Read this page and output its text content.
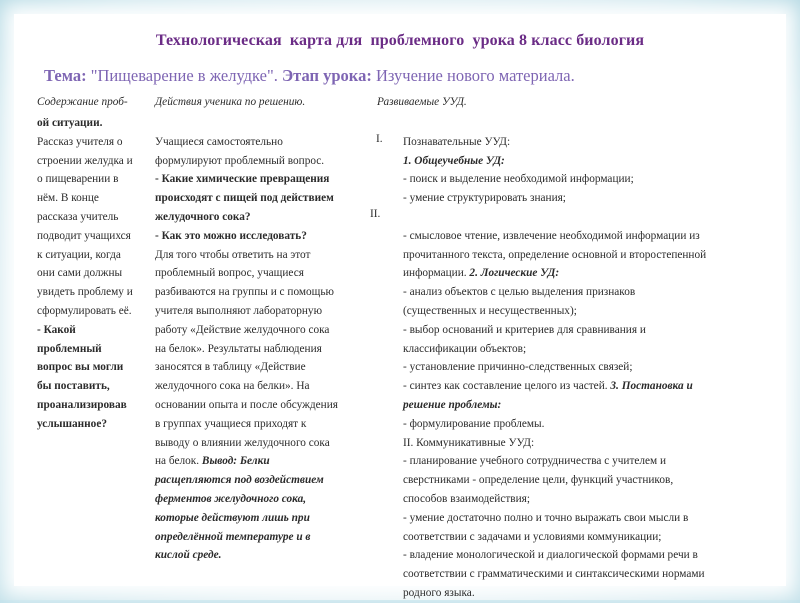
Технологическая  карта для  проблемного  урока 8 класс биология
Тема: "Пищеварение в желудке". Этап урока: Изучение нового материала.
Содержание проб- Действия ученика по решению.	Развиваемые УУД.
I.
II.
ой ситуации.
Рассказ учителя о
строении желудка и
о пищеварении в
нём. В конце
рассказа учитель
подводит учащихся
к ситуации, когда
они сами должны
увидеть проблему и
сформулировать её.
- Какой
проблемный
вопрос вы могли
бы поставить,
проанализировав
услышанное?

Учащиеся самостоятельно
формулируют проблемный вопрос.
- Какие химические превращения
происходят с пищей под действием
желудочного сока?
- Как это можно исследовать?
Для того чтобы ответить на этот
проблемный вопрос, учащиеся
разбиваются на группы и с помощью
учителя выполняют лабораторную
работу «Действие желудочного сока
на белок». Результаты наблюдения
заносятся в таблицу «Действие
желудочного сока на белки». На
основании опыта и после обсуждения
в группах учащиеся приходят к
выводу о влиянии желудочного сока
на белок. Вывод: Белки
расщепляются под воздействием
ферментов желудочного сока,
которые действуют лишь при
определённой температуре и в
кислой среде.

Познавательные УУД:
1. Общеучебные УД:
- поиск и выделение необходимой информации;
- умение структурировать знания;

- смысловое чтение, извлечение необходимой информации из
прочитанного текста, определение основной и второстепенной
информации. 2. Логические УД:
- анализ объектов с целью выделения признаков
(существенных и несущественных);
- выбор оснований и критериев для сравнивания и
классификации объектов;
- установление причинно-следственных связей;
- синтез как составление целого из частей. 3. Постановка и
решение проблемы:
- формулирование проблемы.
II. Коммуникативные УУД:
- планирование учебного сотрудничества с учителем и
сверстниками - определение цели, функций участников,
способов взаимодействия;
- умение достаточно полно и точно выражать свои мысли в
соответствии с задачами и условиями коммуникации;
- владение монологической и диалогической формами речи в
соответствии с грамматическими и синтаксическими нормами
родного языка.
